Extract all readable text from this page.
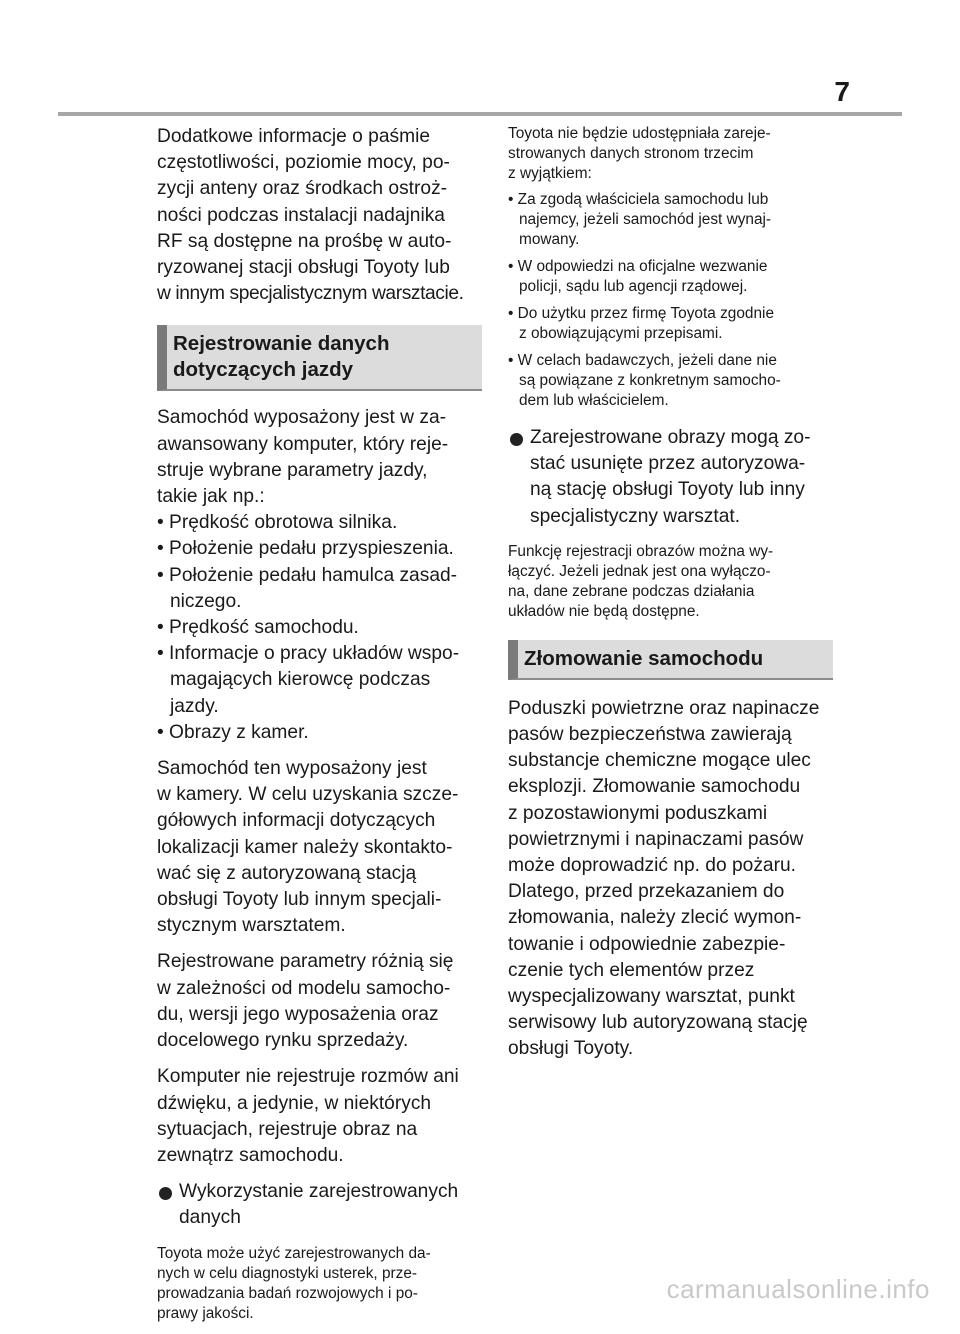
7
Dodatkowe informacje o paśmie
częstotliwości, poziomie mocy, po-
zycji anteny oraz środkach ostroż-
ności podczas instalacji nadajnika
RF są dostępne na prośbę w auto-
ryzowanej stacji obsługi Toyoty lub
w innym specjalistycznym warsztacie.
Rejestrowanie danych
dotyczących jazdy
Samochód wyposażony jest w za-
awansowany komputer, który reje-
struje wybrane parametry jazdy,
takie jak np.:
• Prędkość obrotowa silnika.
• Położenie pedału przyspieszenia.
• Położenie pedału hamulca zasad-
niczego.
• Prędkość samochodu.
• Informacje o pracy układów wspo-
magających kierowcę podczas
jazdy.
• Obrazy z kamer.
Samochód ten wyposażony jest
w kamery. W celu uzyskania szcze-
gółowych informacji dotyczących
lokalizacji kamer należy skontakto-
wać się z autoryzowaną stacją
obsługi Toyoty lub innym specjali-
stycznym warsztatem.
Rejestrowane parametry różnią się
w zależności od modelu samocho-
du, wersji jego wyposażenia oraz
docelowego rynku sprzedaży.
Komputer nie rejestruje rozmów ani
dźwięku, a jedynie, w niektórych
sytuacjach, rejestruje obraz na
zewnątrz samochodu.
Wykorzystanie zarejestrowanych
danych
Toyota może użyć zarejestrowanych da-
nych w celu diagnostyki usterek, prze-
prowadzania badań rozwojowych i po-
prawy jakości.
Toyota nie będzie udostępniała zareje-
strowanych danych stronom trzecim
z wyjątkiem:
• Za zgodą właściciela samochodu lub
najemcy, jeżeli samochód jest wynaj-
mowany.
• W odpowiedzi na oficjalne wezwanie
policji, sądu lub agencji rządowej.
• Do użytku przez firmę Toyota zgodnie
z obowiązującymi przepisami.
• W celach badawczych, jeżeli dane nie
są powiązane z konkretnym samocho-
dem lub właścicielem.
Zarejestrowane obrazy mogą zo-
stać usunięte przez autoryzowa-
ną stację obsługi Toyoty lub inny
specjalistyczny warsztat.
Funkcję rejestracji obrazów można wy-
łączyć. Jeżeli jednak jest ona wyłączo-
na, dane zebrane podczas działania
układów nie będą dostępne.
Złomowanie samochodu
Poduszki powietrzne oraz napinacze
pasów bezpieczeństwa zawierają
substancje chemiczne mogące ulec
eksplozji. Złomowanie samochodu
z pozostawionymi poduszkami
powietrznymi i napinaczami pasów
może doprowadzić np. do pożaru.
Dlatego, przed przekazaniem do
złomowania, należy zlecić wymon-
towanie i odpowiednie zabezpie-
czenie tych elementów przez
wyspecjalizowany warsztat, punkt
serwisowy lub autoryzowaną stację
obsługi Toyoty.
carmanualsonline.info
